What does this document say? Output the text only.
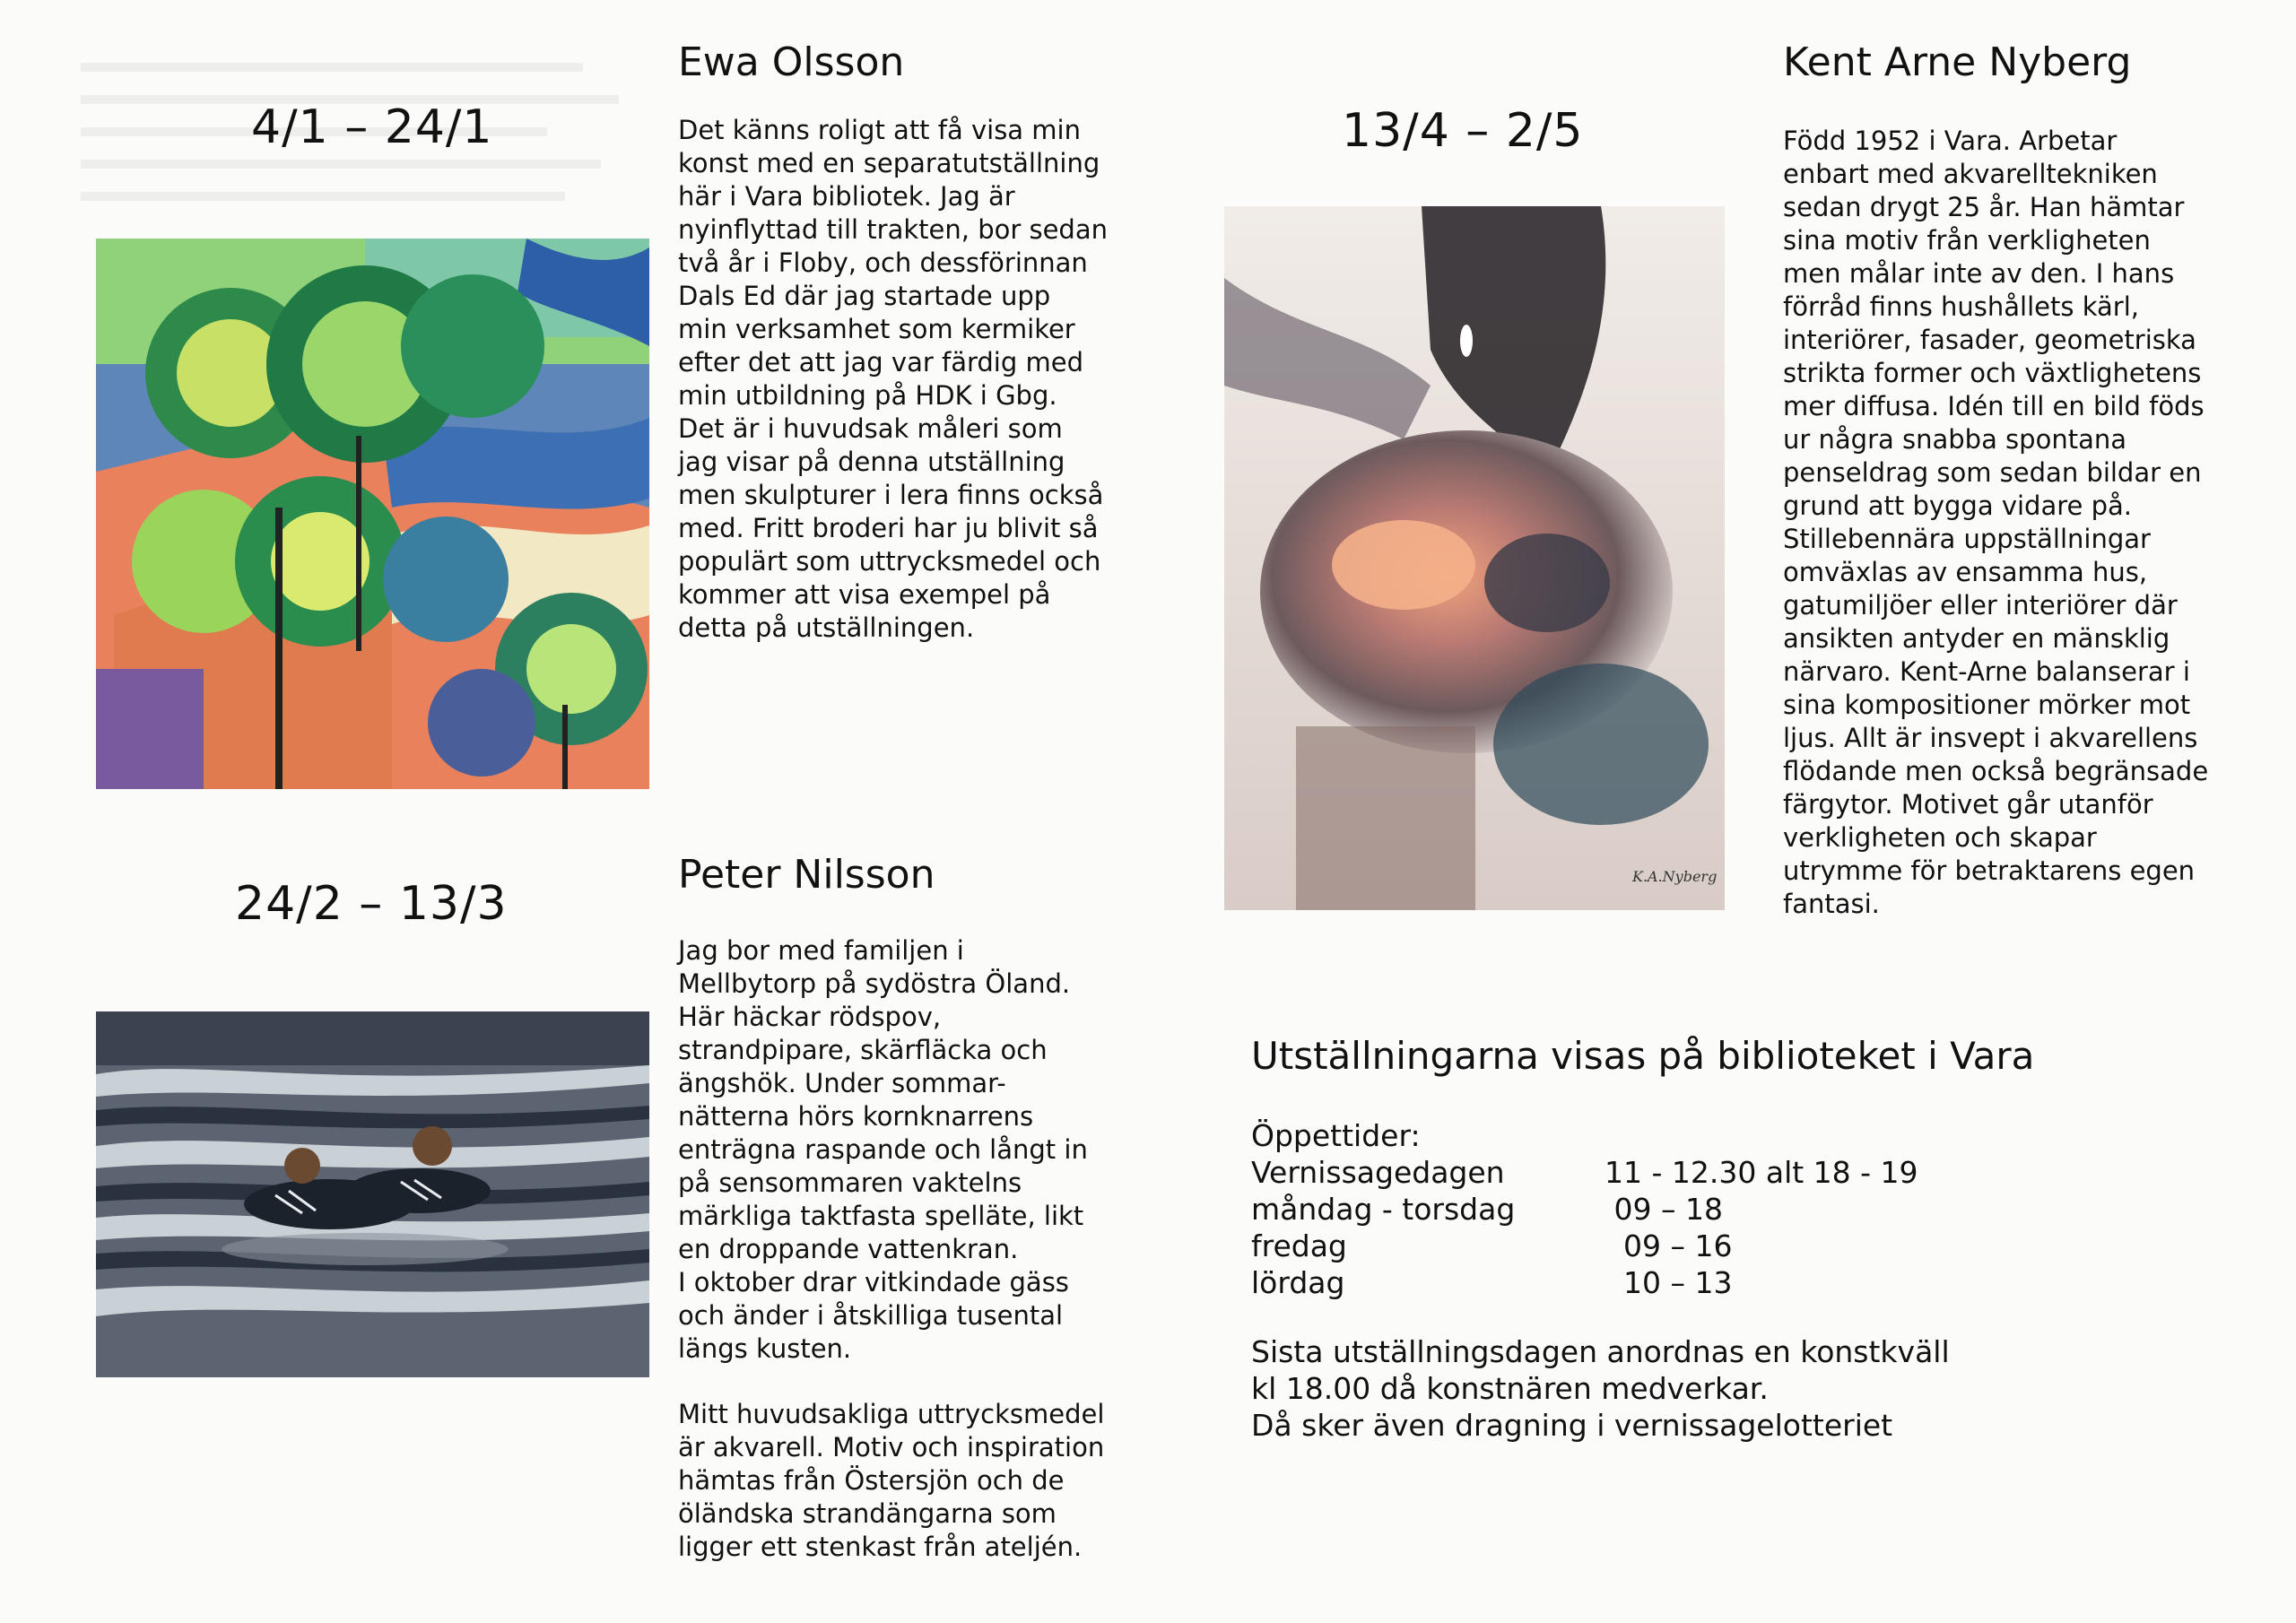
4/1 – 24/1
Ewa Olsson
Det känns roligt att få visa min
konst med en separatutställning
här i Vara bibliotek. Jag är
nyinflyttad till trakten, bor sedan
två år i Floby, och dessförinnan
Dals Ed där jag startade upp
min verksamhet som kermiker
efter det att jag var färdig med
min utbildning på HDK i Gbg.
Det är i huvudsak måleri som
jag visar på denna utställning
men skulpturer i lera finns också
med. Fritt broderi har ju blivit så
populärt som uttrycksmedel och
kommer att visa exempel på
detta på utställningen.
24/2 – 13/3
Peter Nilsson
Jag bor med familjen i
Mellbytorp på sydöstra Öland.
Här häckar rödspov,
strandpipare, skärfläcka och
ängshök. Under sommar-
nätterna hörs kornknarrens
enträgna raspande och långt in
på sensommaren vaktelns
märkliga taktfasta spelläte, likt
en droppande vattenkran.
I oktober drar vitkindade gäss
och änder i åtskilliga tusental
längs kusten.
Mitt huvudsakliga uttrycksmedel
är akvarell. Motiv och inspiration
hämtas från Östersjön och de
öländska strandängarna som
ligger ett stenkast från ateljén.
13/4 – 2/5
Kent Arne Nyberg
Född 1952 i Vara. Arbetar
enbart med akvarelltekniken
sedan drygt 25 år. Han hämtar
sina motiv från verkligheten
men målar inte av den. I hans
förråd finns hushållets kärl,
interiörer, fasader, geometriska
strikta former och växtlighetens
mer diffusa. Idén till en bild föds
ur några snabba spontana
penseldrag som sedan bildar en
grund att bygga vidare på.
Stillebennära uppställningar
omväxlas av ensamma hus,
gatumiljöer eller interiörer där
ansikten antyder en mänsklig
närvaro. Kent-Arne balanserar i
sina kompositioner mörker mot
ljus. Allt är insvept i akvarellens
flödande men också begränsade
färgytor. Motivet går utanför
verkligheten och skapar
utrymme för betraktarens egen
fantasi.
K.A.Nyberg
Utställningarna visas på biblioteket i Vara
Öppettider:
Vernissagedagen	11 - 12.30 alt 18 - 19
måndag - torsdag	09 – 18
fredag	09 – 16
lördag	10 – 13
Sista utställningsdagen anordnas en konstkväll
kl 18.00 då konstnären medverkar.
Då sker även dragning i vernissagelotteriet
